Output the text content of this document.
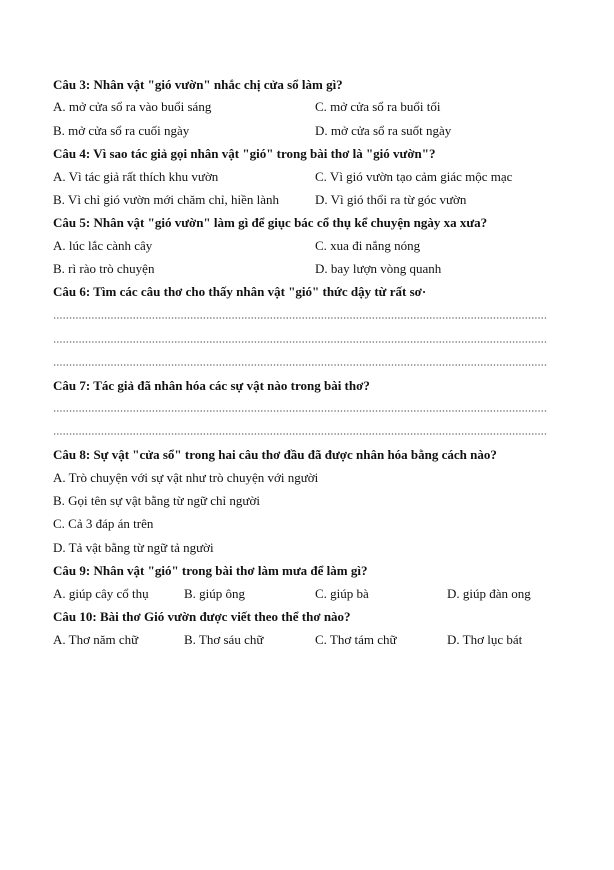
Câu 3: Nhân vật "gió vườn" nhắc chị cửa sổ làm gì?
A. mở cửa sổ ra vào buổi sáng	C. mở cửa sổ ra buổi tối
B. mở cửa sổ ra cuối ngày	D. mở cửa sổ ra suốt ngày
Câu 4: Vì sao tác giả gọi nhân vật "gió" trong bài thơ là "gió vườn"?
A. Vì tác giả rất thích khu vườn	C. Vì gió vườn tạo cảm giác mộc mạc
B. Vì chỉ gió vườn mới chăm chỉ, hiền lành	D. Vì gió thổi ra từ góc vườn
Câu 5: Nhân vật "gió vườn" làm gì để giục bác cổ thụ kể chuyện ngày xa xưa?
A. lúc lắc cành cây	C. xua đi nắng nóng
B. rì rào trò chuyện	D. bay lượn vòng quanh
Câu 6: Tìm các câu thơ cho thấy nhân vật "gió" thức dậy từ rất sơ·
Câu 7: Tác giả đã nhân hóa các sự vật nào trong bài thơ?
Câu 8: Sự vật "cửa sổ" trong hai câu thơ đầu đã được nhân hóa bằng cách nào?
A. Trò chuyện với sự vật như trò chuyện với người
B. Gọi tên sự vật bằng từ ngữ chỉ người
C. Cả 3 đáp án trên
D. Tả vật bằng từ ngữ tả người
Câu 9: Nhân vật "gió" trong bài thơ làm mưa để làm gì?
A. giúp cây cổ thụ	B. giúp ông	C. giúp bà	D. giúp đàn ong
Câu 10: Bài thơ Gió vườn được viết theo thể thơ nào?
A. Thơ năm chữ	B. Thơ sáu chữ	C. Thơ tám chữ	D. Thơ lục bát
